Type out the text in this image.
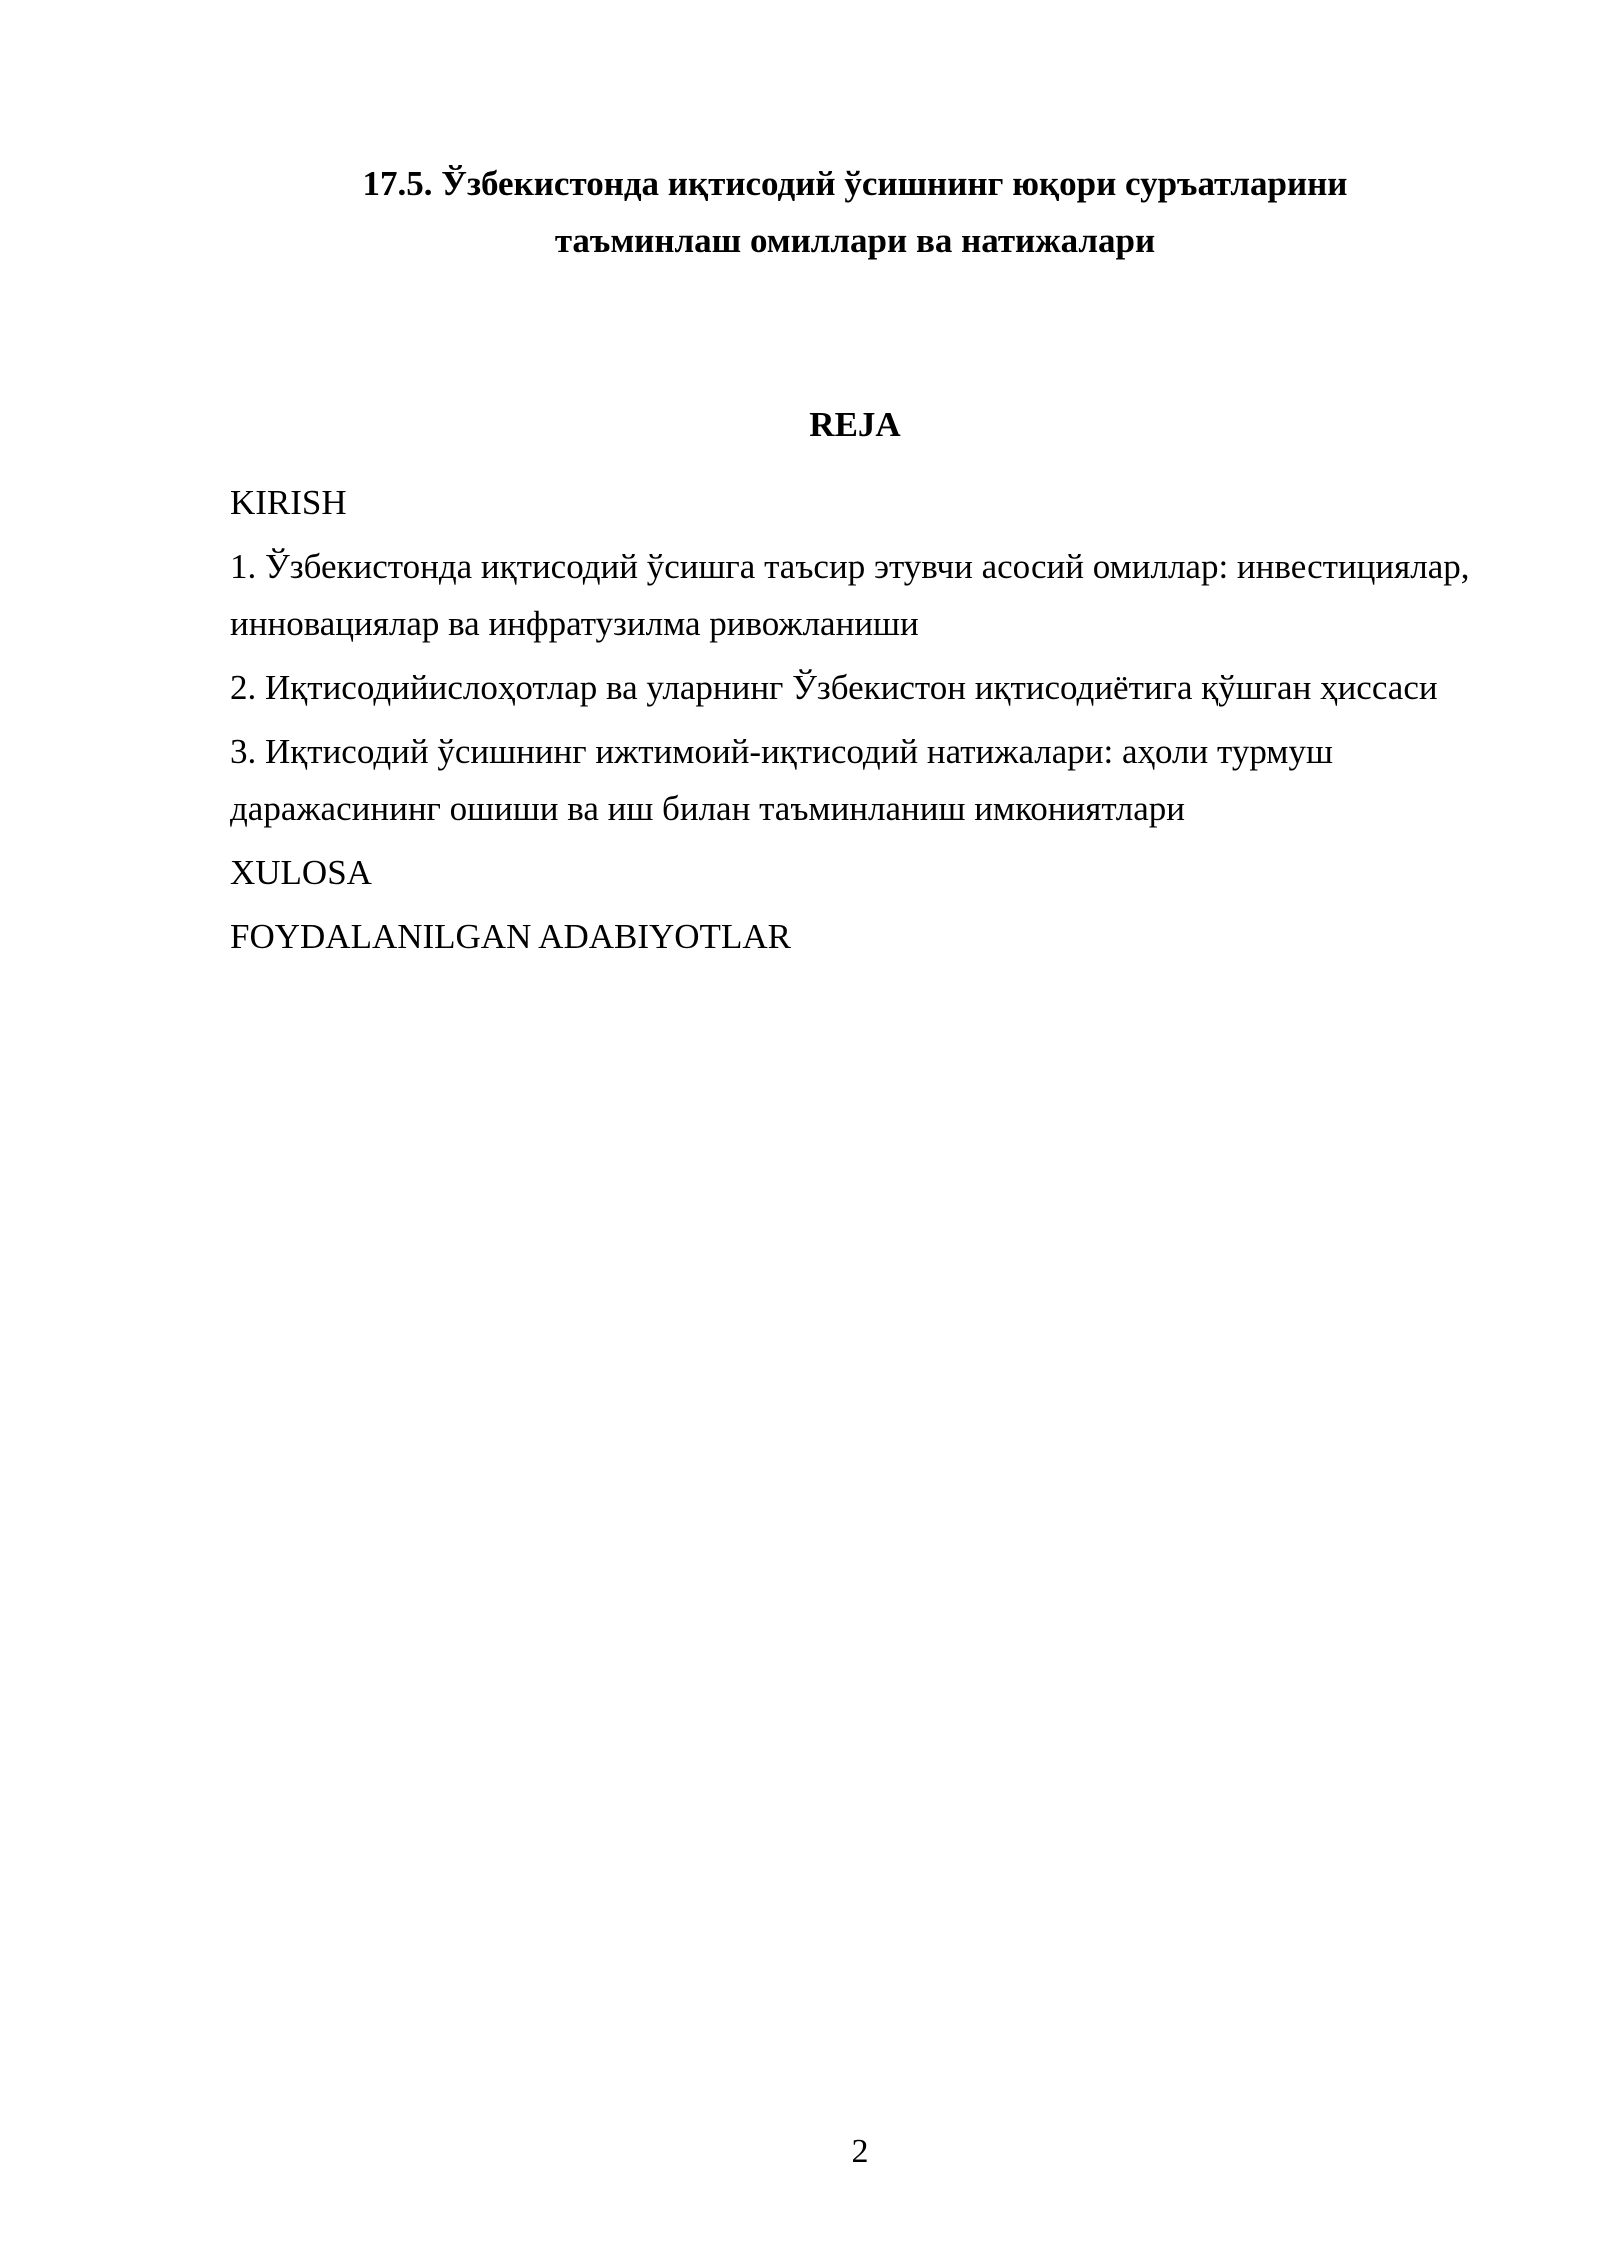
17.5. Ўзбекистонда иқтисодий ўсишнинг юқори суръатларини
таъминлаш омиллари ва натижалари
REJA
KIRISH
1. Ўзбекистонда иқтисодий ўсишга таъсир этувчи асосий омиллар: инвестициялар, инновациялар ва инфратузилма ривожланиши
2. Иқтисодийислоҳотлар ва уларнинг Ўзбекистон иқтисодиётига қўшган ҳиссаси
3. Иқтисодий ўсишнинг ижтимоий-иқтисодий натижалари: аҳоли турмуш даражасининг ошиши ва иш билан таъминланиш имкониятлари
XULOSA
FOYDALANILGAN ADABIYOTLAR
2
